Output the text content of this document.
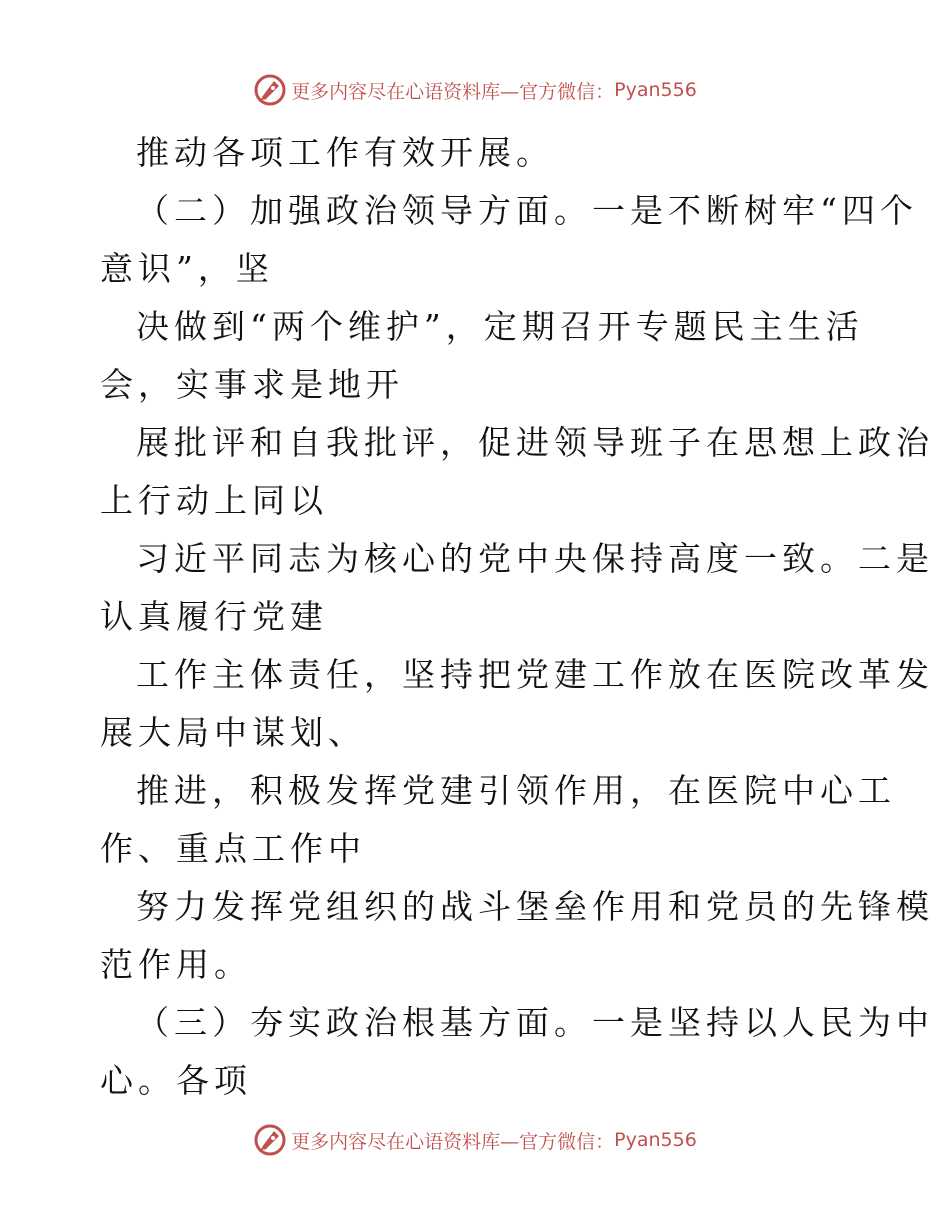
更多内容尽在心语资料库—官方微信： Pyan556
推动各项工作有效开展。
（二）加强政治领导方面。一是不断树牢“四个
意识”，坚
决做到“两个维护”，定期召开专题民主生活
会，实事求是地开
展批评和自我批评，促进领导班子在思想上政治
上行动上同以
习近平同志为核心的党中央保持高度一致。二是
认真履行党建
工作主体责任，坚持把党建工作放在医院改革发
展大局中谋划、
推进，积极发挥党建引领作用，在医院中心工
作、重点工作中
努力发挥党组织的战斗堡垒作用和党员的先锋模
范作用。
（三）夯实政治根基方面。一是坚持以人民为中
心。各项
更多内容尽在心语资料库—官方微信： Pyan556
